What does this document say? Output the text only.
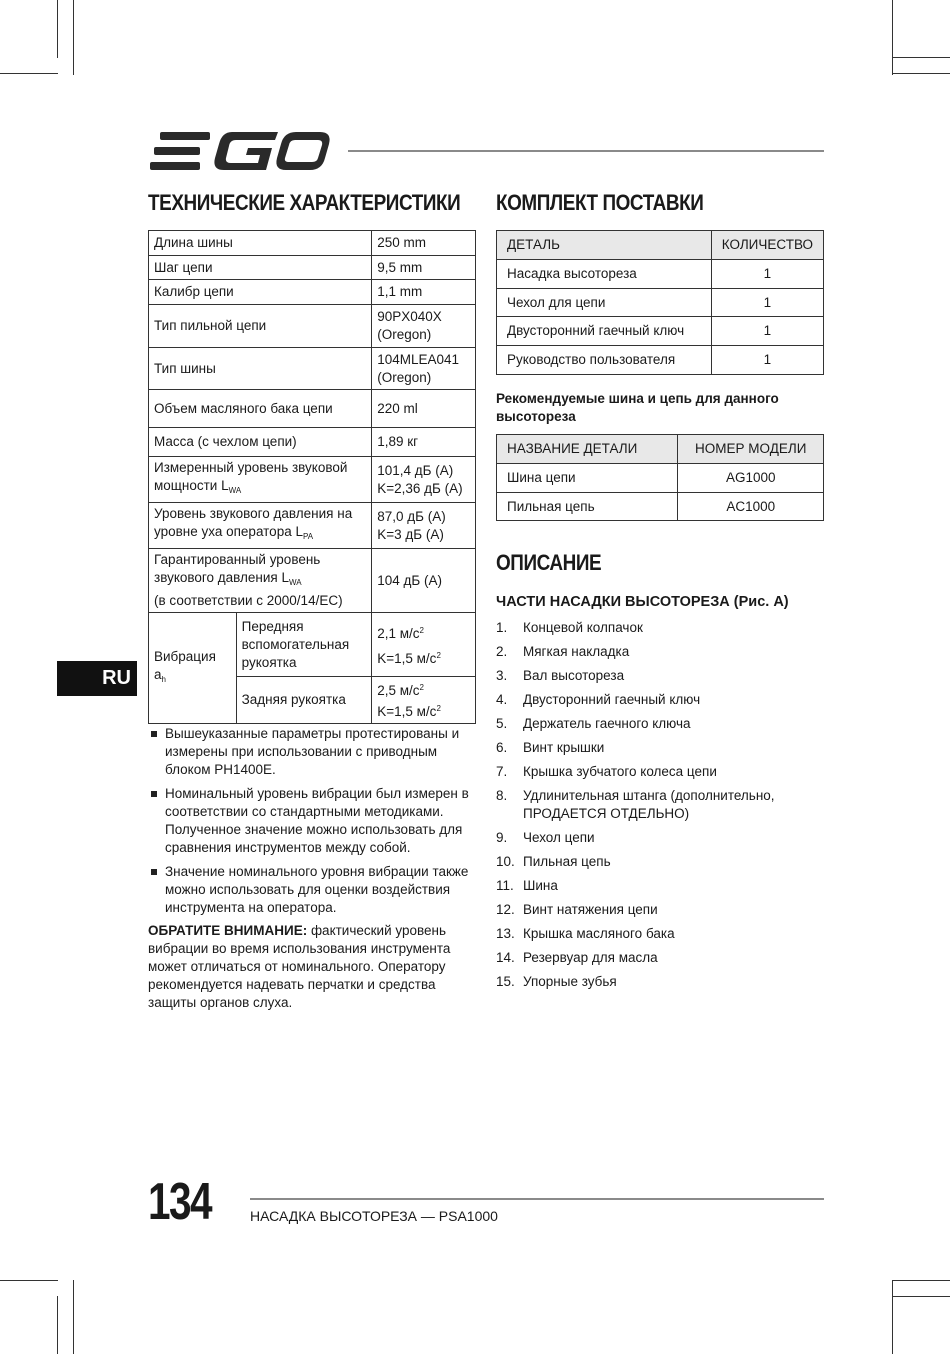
ТЕХНИЧЕСКИЕ ХАРАКТЕРИСТИКИ
Длина шины		250 mm
Шаг цепи		9,5 mm
Калибр цепи		1,1 mm
Тип пильной цепи		90PX040X (Oregon)
Тип шины		104MLEA041 (Oregon)
Объем масляного бака цепи		220 ml
Масса (с чехлом цепи)		1,89 кг
Измеренный уровень звуковой мощности $L_{WA}$		101,4 дБ (A)
K=2,36 дБ (A)

Уровень звукового давления на уровне уха оператора $L_{PA}$		87,0 дБ (A)
K=3 дБ (A)

Гарантированный уровень звукового давления $L_{WA}$
(в соответствии с 2000/14/EC)		104 дБ (A)
Вибрация $a_h$	Передняя вспомогательная рукоятка	2,1 $м/с^2$
K=1,5 $м/с^2$

	Задняя рукоятка	2,5 $м/с^2$
K=1,5 $м/с^2$
RU
Вышеуказанные параметры протестированы и измерены при использовании с приводным блоком PH1400E.
Номинальный уровень вибрации был измерен в соответствии со стандартными методиками. Полученное значение можно использовать для сравнения инструментов между собой.
Значение номинального уровня вибрации также можно использовать для оценки воздействия инструмента на оператора.

ОБРАТИТЕ ВНИМАНИЕ: фактический уровень вибрации во время использования инструмента может отличаться от номинального. Оператору рекомендуется надевать перчатки и средства защиты органов слуха.

КОМПЛЕКТ ПОСТАВКИ
ДЕТАЛЬ	КОЛИЧЕСТВО
Насадка высотореза	1
Чехол для цепи	1
Двусторонний гаечный ключ	1
Руководство пользователя	1
Рекомендуемые шина и цепь для данного высотореза
НАЗВАНИЕ ДЕТАЛИ	НОМЕР МОДЕЛИ
Шина цепи	AG1000
Пильная цепь	AC1000
ОПИСАНИЕ
ЧАСТИ НАСАДКИ ВЫСОТОРЕЗА (Рис. А)
1.	Концевой колпачок
2.	Мягкая накладка
3.	Вал высотореза
4.	Двусторонний гаечный ключ
5.	Держатель гаечного ключа
6.	Винт крышки
7.	Крышка зубчатого колеса цепи
8.	Удлинительная штанга (дополнительно, ПРОДАЕТСЯ ОТДЕЛЬНО)
9.	Чехол цепи
10. Пильная цепь
11. Шина
12. Винт натяжения цепи
13. Крышка масляного бака
14. Резервуар для масла
15. Упорные зубья
134	НАСАДКА ВЫСОТОРЕЗА — PSA1000
